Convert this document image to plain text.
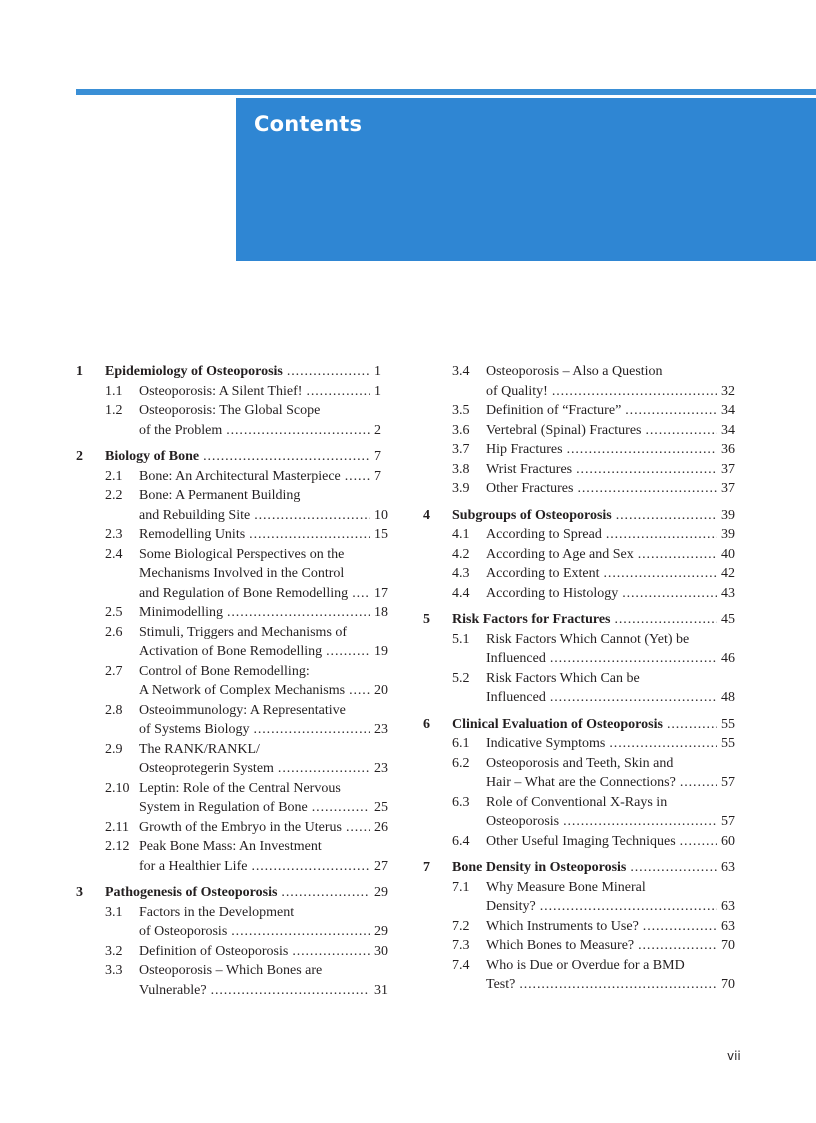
Contents
1	Epidemiology of Osteoporosis . . .	1
1.1	Osteoporosis: A Silent Thief! . . .	1
1.2	Osteoporosis: The Global Scope
of the Problem . . .	2
2	Biology of Bone . . .	7
2.1	Bone: An Architectural Masterpiece . . . 7
2.2	Bone: A Permanent Building
and Rebuilding Site . . .	10
2.3	Remodelling Units . . .	15
2.4	Some Biological Perspectives on the
Mechanisms Involved in the Control
and Regulation of Bone Remodelling . . . 17
2.5	Minimodelling . . .	18
2.6	Stimuli, Triggers and Mechanisms of
Activation of Bone Remodelling . . .	19
2.7	Control of Bone Remodelling:
A Network of Complex Mechanisms . . . 20
2.8	Osteoimmunology: A Representative
of Systems Biology . . .	23
2.9	The RANK/RANKL/
Osteoprotegerin System . . .	23
2.10 Leptin: Role of the Central Nervous
System in Regulation of Bone . . .	25
2.11 Growth of the Embryo in the Uterus . . . 26
2.12 Peak Bone Mass: An Investment
for a Healthier Life . . .	27
3	Pathogenesis of Osteoporosis . . .	29
3.1	Factors in the Development
of Osteoporosis . . .	29
3.2	Definition of Osteoporosis . . .	30
3.3	Osteoporosis – Which Bones are
Vulnerable? . . .	31
3.4	Osteoporosis – Also a Question
of Quality! . . .	32
3.5	Definition of “Fracture” . . .	34
3.6	Vertebral (Spinal) Fractures . . .	34
3.7	Hip Fractures . . .	36
3.8	Wrist Fractures . . .	37
3.9	Other Fractures . . .	37
4	Subgroups of Osteoporosis . . .	39
4.1	According to Spread . . .	39
4.2	According to Age and Sex . . .	40
4.3	According to Extent . . .	42
4.4	According to Histology . . .	43
5	Risk Factors for Fractures . . .	45
5.1	Risk Factors Which Cannot (Yet) be
Influenced . . .	46
5.2	Risk Factors Which Can be
Influenced . . .	48
6	Clinical Evaluation of Osteoporosis . . .	55
6.1	Indicative Symptoms . . .	55
6.2	Osteoporosis and Teeth, Skin and
Hair – What are the Connections? . . .	57
6.3	Role of Conventional X-Rays in
Osteoporosis . . .	57
6.4	Other Useful Imaging Techniques . . .	60
7	Bone Density in Osteoporosis . . .	63
7.1	Why Measure Bone Mineral
Density? . . .	63
7.2	Which Instruments to Use? . . .	63
7.3	Which Bones to Measure? . . .	70
7.4	Who is Due or Overdue for a BMD
Test? . . .	70
vii
